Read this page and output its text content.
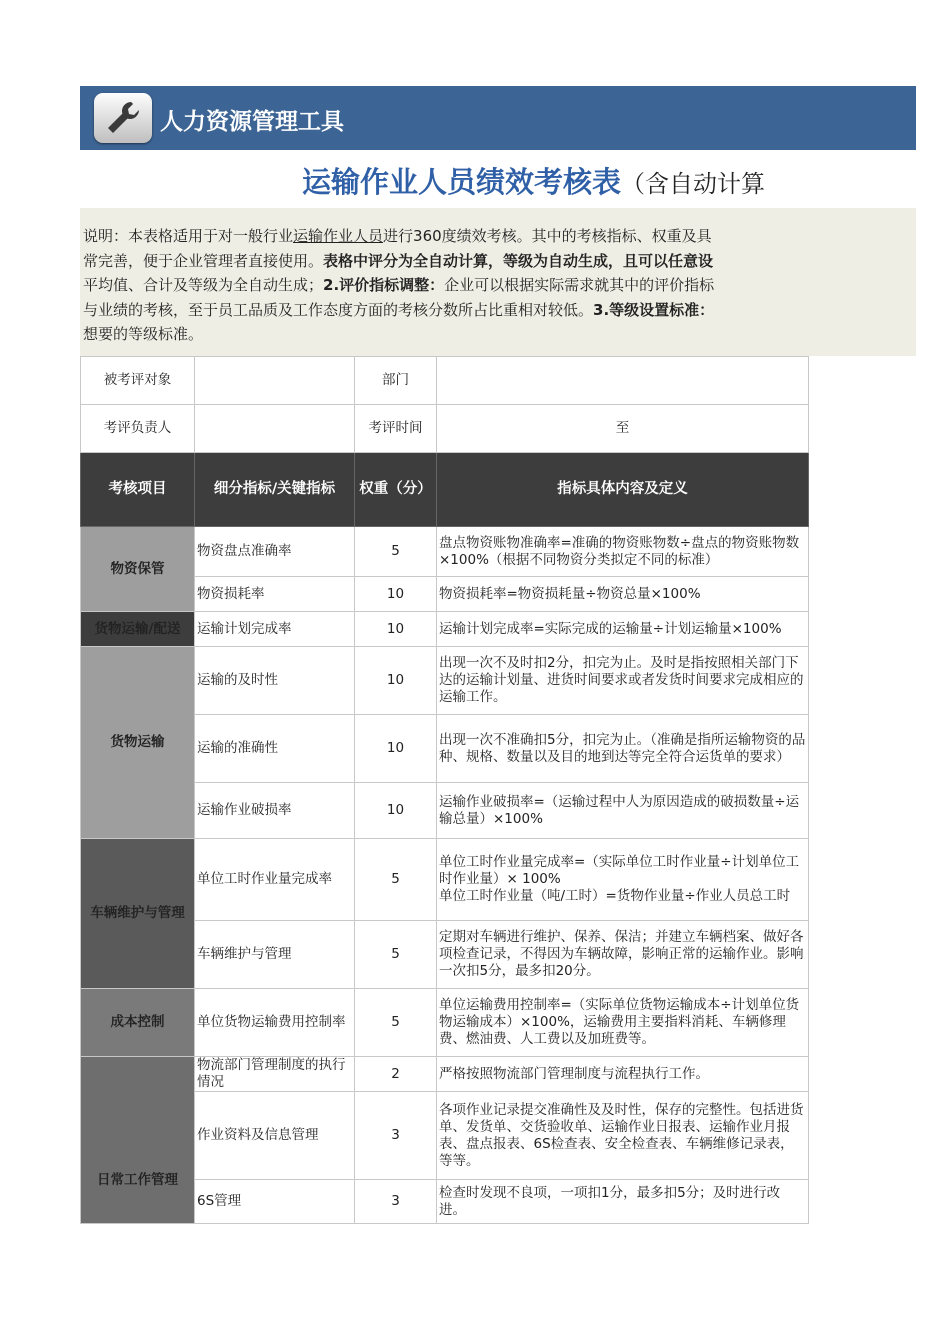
人力资源管理工具
运输作业人员绩效考核表（含自动计算
说明：本表格适用于对一般行业运输作业人员进行360度绩效考核。其中的考核指标、权重及具
常完善，便于企业管理者直接使用。表格中评分为全自动计算，等级为自动生成，且可以任意设
平均值、合计及等级为全自动生成；2.评价指标调整：企业可以根据实际需求就其中的评价指标
与业绩的考核，至于员工品质及工作态度方面的考核分数所占比重相对较低。3.等级设置标准：
想要的等级标准。
被考评对象		部门	
考评负责人		考评时间	至
考核项目	细分指标/关键指标	权重（分）	指标具体内容及定义
物资保管	物资盘点准确率	5	盘点物资账物准确率=准确的物资账物数÷盘点的物资账物数×100%（根据不同物资分类拟定不同的标准）
	物资损耗率	10	物资损耗率=物资损耗量÷物资总量×100%
货物运输/配送	运输计划完成率	10	运输计划完成率=实际完成的运输量÷计划运输量×100%
货物运输	运输的及时性	10	出现一次不及时扣2分，扣完为止。及时是指按照相关部门下达的运输计划量、进货时间要求或者发货时间要求完成相应的运输工作。
	运输的准确性	10	出现一次不准确扣5分，扣完为止。（准确是指所运输物资的品种、规格、数量以及目的地到达等完全符合运货单的要求）
	运输作业破损率	10	运输作业破损率=（运输过程中人为原因造成的破损数量÷运输总量）×100%
车辆维护与管理	单位工时作业量完成率	5	单位工时作业量完成率=（实际单位工时作业量÷计划单位工时作业量）× 100%
单位工时作业量（吨/工时）=货物作业量÷作业人员总工时

	车辆维护与管理	5	定期对车辆进行维护、保养、保洁；并建立车辆档案、做好各项检查记录，不得因为车辆故障，影响正常的运输作业。影响一次扣5分，最多扣20分。
成本控制	单位货物运输费用控制率	5	单位运输费用控制率=（实际单位货物运输成本÷计划单位货物运输成本）×100%，运输费用主要指料消耗、车辆修理费、燃油费、人工费以及加班费等。
日常工作管理	物流部门管理制度的执行情况	2	严格按照物流部门管理制度与流程执行工作。
	作业资料及信息管理	3	各项作业记录提交准确性及及时性，保存的完整性。包括进货单、发货单、交货验收单、运输作业日报表、运输作业月报表、盘点报表、6S检查表、安全检查表、车辆维修记录表，等等。
	6S管理	3	检查时发现不良项，一项扣1分，最多扣5分；及时进行改进。
